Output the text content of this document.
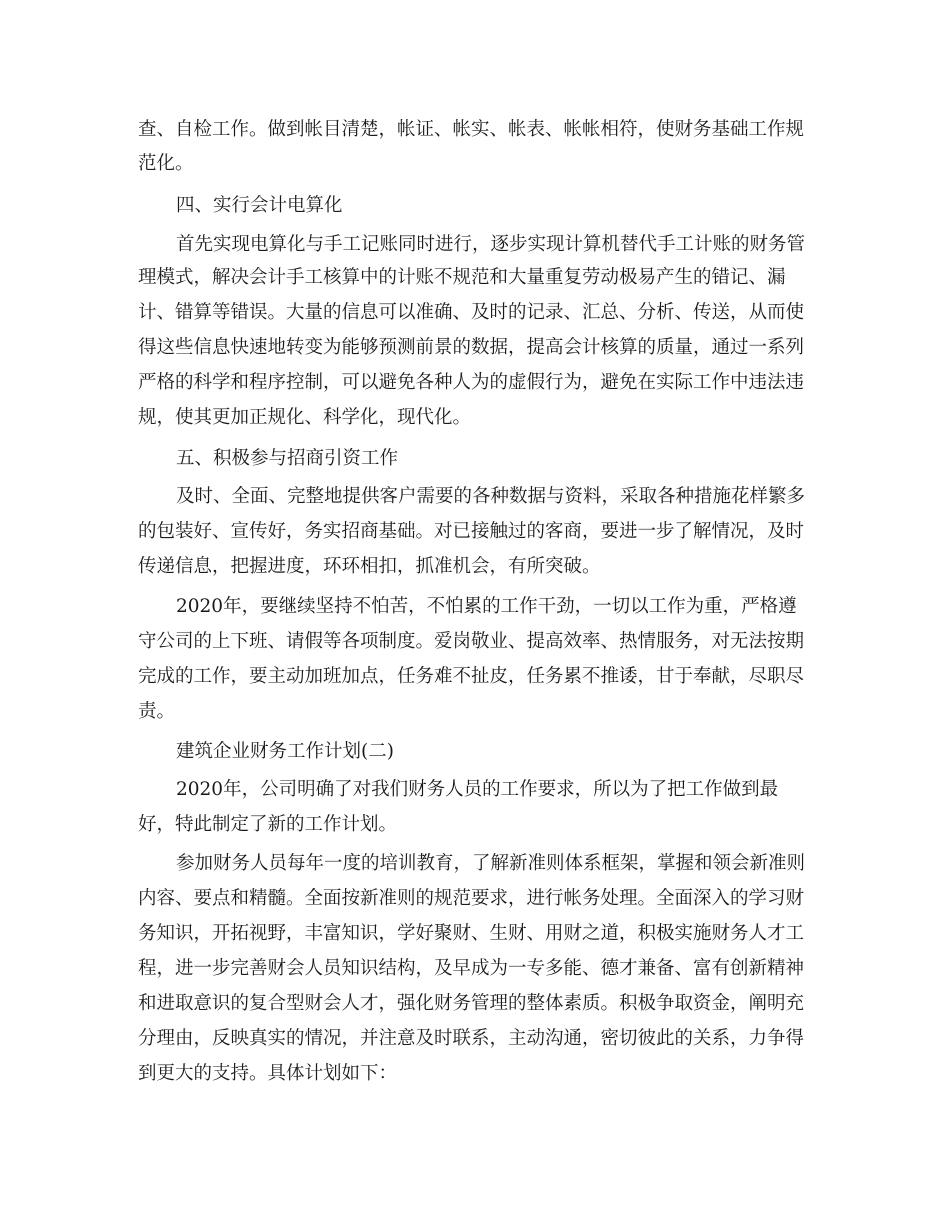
查、自检工作。做到帐目清楚，帐证、帐实、帐表、帐帐相符，使财务基础工作规

范化。

四、实行会计电算化

首先实现电算化与手工记账同时进行，逐步实现计算机替代手工计账的财务管

理模式，解决会计手工核算中的计账不规范和大量重复劳动极易产生的错记、漏

计、错算等错误。大量的信息可以准确、及时的记录、汇总、分析、传送，从而使

得这些信息快速地转变为能够预测前景的数据，提高会计核算的质量，通过一系列

严格的科学和程序控制，可以避免各种人为的虚假行为，避免在实际工作中违法违

规，使其更加正规化、科学化，现代化。

五、积极参与招商引资工作

及时、全面、完整地提供客户需要的各种数据与资料，采取各种措施花样繁多

的包装好、宣传好，务实招商基础。对已接触过的客商，要进一步了解情况，及时

传递信息，把握进度，环环相扣，抓准机会，有所突破。

2020年，要继续坚持不怕苦，不怕累的工作干劲，一切以工作为重，严格遵

守公司的上下班、请假等各项制度。爱岗敬业、提高效率、热情服务，对无法按期

完成的工作，要主动加班加点，任务难不扯皮，任务累不推诿，甘于奉献，尽职尽

责。

建筑企业财务工作计划(二)

2020年，公司明确了对我们财务人员的工作要求，所以为了把工作做到最

好，特此制定了新的工作计划。

参加财务人员每年一度的培训教育，了解新准则体系框架，掌握和领会新准则

内容、要点和精髓。全面按新准则的规范要求，进行帐务处理。全面深入的学习财

务知识，开拓视野，丰富知识，学好聚财、生财、用财之道，积极实施财务人才工

程，进一步完善财会人员知识结构，及早成为一专多能、德才兼备、富有创新精神

和进取意识的复合型财会人才，强化财务管理的整体素质。积极争取资金，阐明充

分理由，反映真实的情况，并注意及时联系，主动沟通，密切彼此的关系，力争得

到更大的支持。具体计划如下：
